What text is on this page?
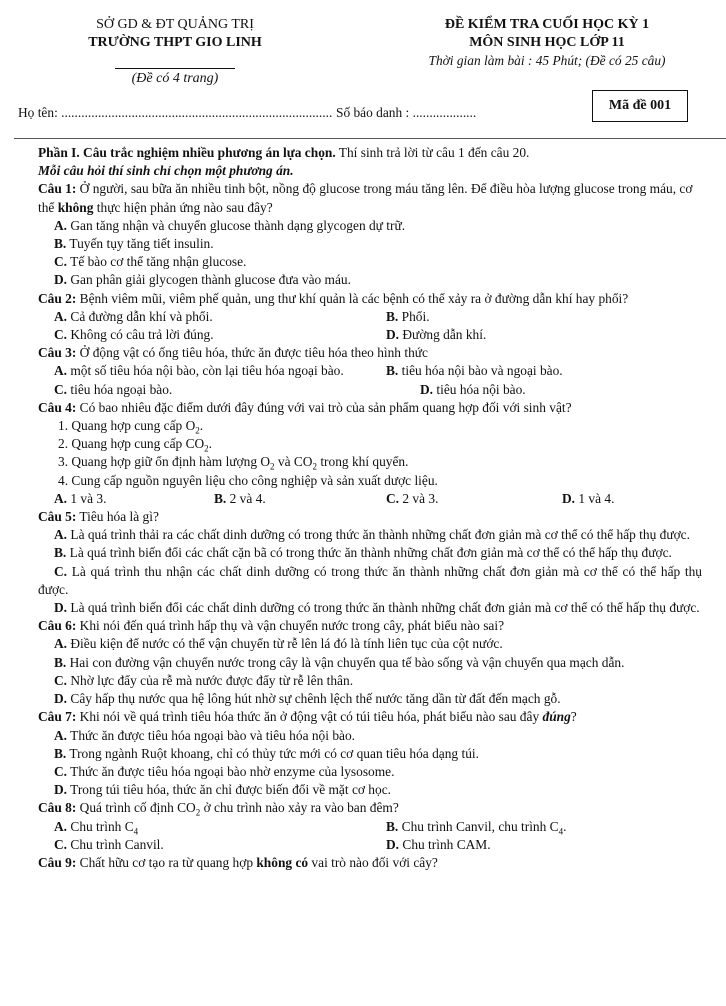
SỞ GD & ĐT QUẢNG TRỊ
TRƯỜNG THPT GIO LINH
(Đề có 4 trang)
ĐỀ KIỂM TRA CUỐI HỌC KỲ 1
MÔN SINH HỌC LỚP 11
Thời gian làm bài : 45 Phút; (Đề có 25 câu)
Họ tên: ................................................................................. Số báo danh : ...................	Mã đề 001

Phần I. Câu trắc nghiệm nhiều phương án lựa chọn. Thí sinh trả lời từ câu 1 đến câu 20.

Mỗi câu hỏi thí sinh chỉ chọn một phương án.

Câu 1: Ở người, sau bữa ăn nhiều tinh bột, nồng độ glucose trong máu tăng lên. Để điều hòa lượng glucose trong máu, cơ thể không thực hiện phản ứng nào sau đây?

A. Gan tăng nhận và chuyển glucose thành dạng glycogen dự trữ.

B. Tuyến tụy tăng tiết insulin.

C. Tế bào cơ thể tăng nhận glucose.

D. Gan phân giải glycogen thành glucose đưa vào máu.

Câu 2: Bệnh viêm mũi, viêm phế quản, ung thư khí quản là các bệnh có thể xảy ra ở đường dẫn khí hay phổi?

A. Cả đường dẫn khí và phổi.	B. Phổi.

C. Không có câu trả lời đúng.	D. Đường dẫn khí.

Câu 3: Ở động vật có ống tiêu hóa, thức ăn được tiêu hóa theo hình thức

A. một số tiêu hóa nội bào, còn lại tiêu hóa ngoại bào.	B. tiêu hóa nội bào và ngoại bào.

C. tiêu hóa ngoại bào.	D. tiêu hóa nội bào.

Câu 4: Có bao nhiêu đặc điểm dưới đây đúng với vai trò của sản phẩm quang hợp đối với sinh vật?

1. Quang hợp cung cấp $O_2$.

2. Quang hợp cung cấp $CO_2$.

3. Quang hợp giữ ổn định hàm lượng $O_2$ và $CO_2$ trong khí quyển.

4. Cung cấp nguồn nguyên liệu cho công nghiệp và sản xuất dược liệu.

A. 1 và 3.	B. 2 và 4.	C. 2 và 3.	D. 1 và 4.

Câu 5: Tiêu hóa là gì?

A. Là quá trình thải ra các chất dinh dưỡng có trong thức ăn thành những chất đơn giản mà cơ thể có thể hấp thụ được.

B. Là quá trình biến đổi các chất cặn bã có trong thức ăn thành những chất đơn giản mà cơ thể có thể hấp thụ được.

C. Là quá trình thu nhận các chất dinh dưỡng có trong thức ăn thành những chất đơn giản mà cơ thể có thể hấp thụ được.

D. Là quá trình biến đổi các chất dinh dưỡng có trong thức ăn thành những chất đơn giản mà cơ thể có thể hấp thụ được.

Câu 6: Khi nói đến quá trình hấp thụ và vận chuyển nước trong cây, phát biểu nào sai?

A. Điều kiện để nước có thể vận chuyển từ rễ lên lá đó là tính liên tục của cột nước.

B. Hai con đường vận chuyển nước trong cây là vận chuyển qua tế bào sống và vận chuyển qua mạch dẫn.

C. Nhờ lực đẩy của rễ mà nước được đẩy từ rễ lên thân.

D. Cây hấp thụ nước qua hệ lông hút nhờ sự chênh lệch thế nước tăng dần từ đất đến mạch gỗ.

Câu 7: Khi nói về quá trình tiêu hóa thức ăn ở động vật có túi tiêu hóa, phát biểu nào sau đây đúng?

A. Thức ăn được tiêu hóa ngoại bào và tiêu hóa nội bào.

B. Trong ngành Ruột khoang, chỉ có thủy tức mới có cơ quan tiêu hóa dạng túi.

C. Thức ăn được tiêu hóa ngoại bào nhờ enzyme của lysosome.

D. Trong túi tiêu hóa, thức ăn chỉ được biến đổi về mặt cơ học.

Câu 8: Quá trình cố định $CO_2$ ở chu trình nào xảy ra vào ban đêm?

A. Chu trình $C_4$	B. Chu trình Canvil, chu trình $C_4$.

C. Chu trình Canvil.	D. Chu trình CAM.

Câu 9: Chất hữu cơ tạo ra từ quang hợp không có vai trò nào đối với cây?
